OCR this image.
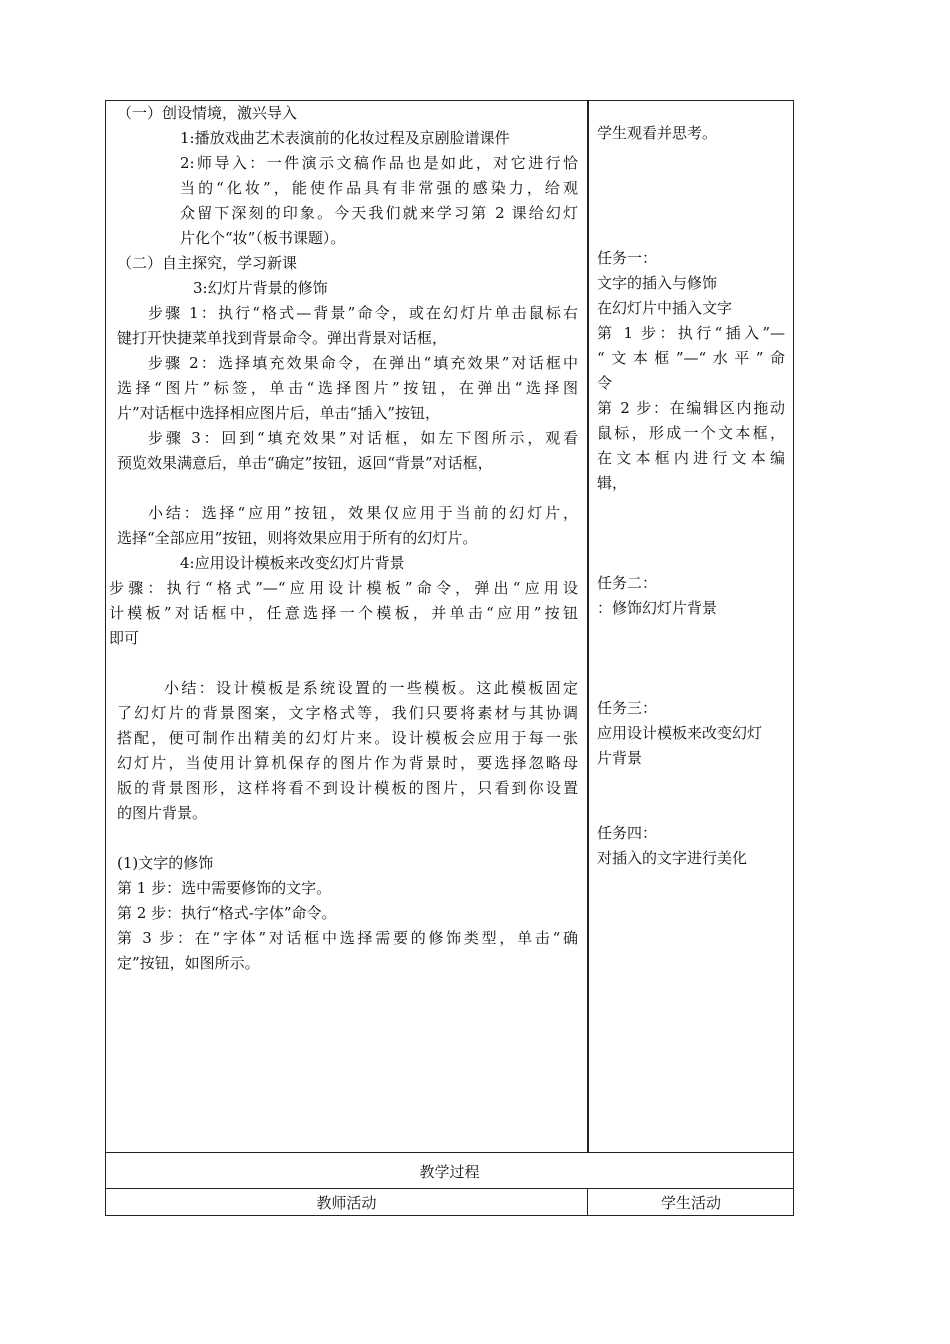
（一）创设情境，激兴导入
1:播放戏曲艺术表演前的化妆过程及京剧脸谱课件
2:师导入：一件演示文稿作品也是如此，对它进行恰
当的“化妆”，能使作品具有非常强的感染力，给观
众留下深刻的印象。今天我们就来学习第 2 课给幻灯
片化个“妆”（板书课题）。
（二）自主探究，学习新课
3:幻灯片背景的修饰
步骤 1：执行“格式—背景”命令，或在幻灯片单击鼠标右
键打开快捷菜单找到背景命令。弹出背景对话框，
步骤 2：选择填充效果命令，在弹出“填充效果”对话框中
选择“图片”标签，单击“选择图片”按钮，在弹出“选择图
片”对话框中选择相应图片后，单击“插入”按钮，
步骤 3：回到“填充效果”对话框，如左下图所示，观看
预览效果满意后，单击“确定”按钮，返回“背景”对话框，
小结：选择“应用”按钮，效果仅应用于当前的幻灯片，
选择“全部应用”按钮，则将效果应用于所有的幻灯片。
4:应用设计模板来改变幻灯片背景
步骤：执行“格式”—“应用设计模板”命令，弹出“应用设
计模板”对话框中，任意选择一个模板，并单击“应用”按钮
即可
小结：设计模板是系统设置的一些模板。这此模板固定
了幻灯片的背景图案，文字格式等，我们只要将素材与其协调
搭配，便可制作出精美的幻灯片来。设计模板会应用于每一张
幻灯片，当使用计算机保存的图片作为背景时，要选择忽略母
版的背景图形，这样将看不到设计模板的图片，只看到你设置
的图片背景。
(1)文字的修饰
第 1 步：选中需要修饰的文字。
第 2 步：执行“格式-字体”命令。
第 3 步：在“字体”对话框中选择需要的修饰类型，单击“确
定”按钮，如图所示。
学生观看并思考。
任务一：
文字的插入与修饰
在幻灯片中插入文字
第 1 步：执行“插入”—
“文本框”—“水平”命
令
第 2 步：在编辑区内拖动
鼠标，形成一个文本框，
在文本框内进行文本编
辑，
任务二：
：修饰幻灯片背景
任务三：
应用设计模板来改变幻灯
片背景
任务四：
对插入的文字进行美化
教学过程
教师活动	学生活动
